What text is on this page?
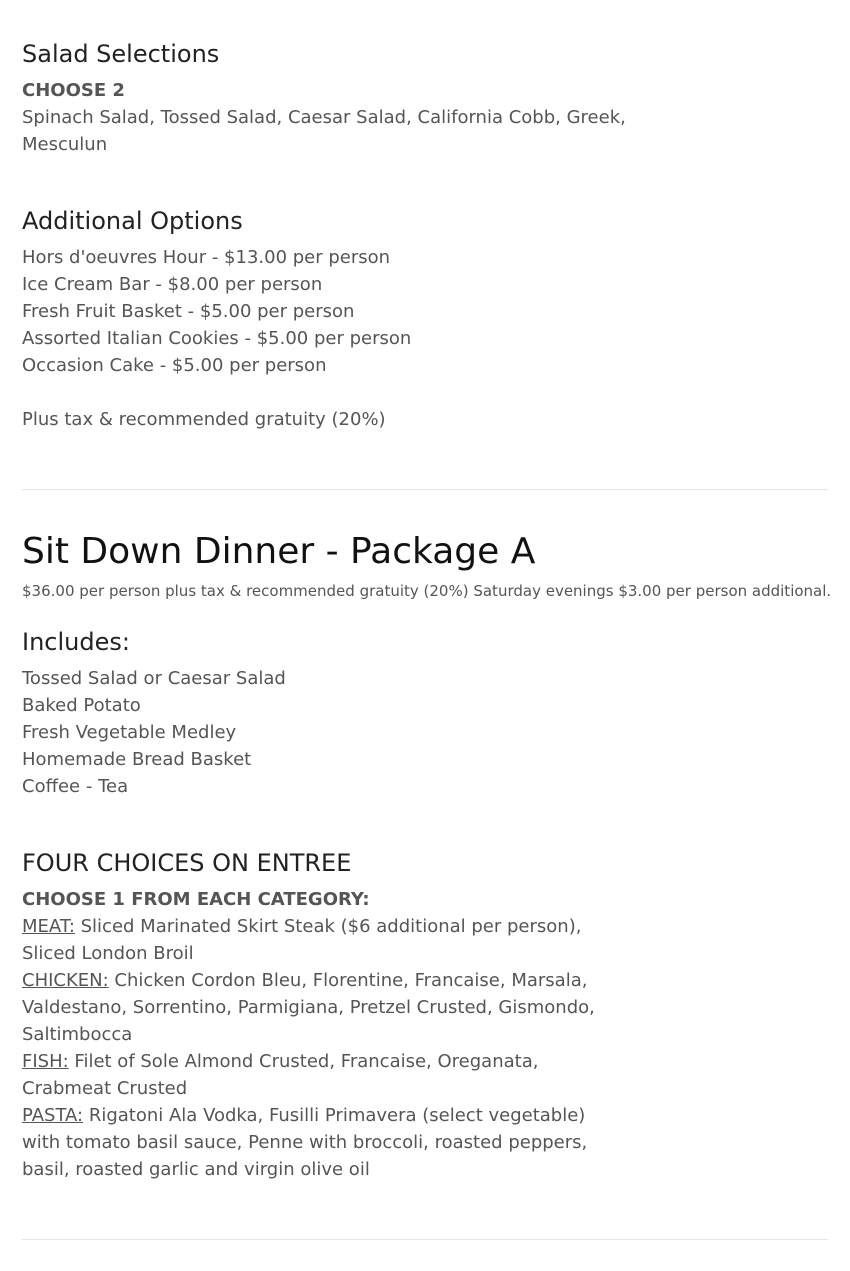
Salad Selections

CHOOSE 2

Spinach Salad, Tossed Salad, Caesar Salad, California Cobb, Greek,

Mesculun

Additional Options

Hors d'oeuvres Hour - $13.00 per person

Ice Cream Bar - $8.00 per person

Fresh Fruit Basket - $5.00 per person

Assorted Italian Cookies - $5.00 per person

Occasion Cake - $5.00 per person

Plus tax & recommended gratuity (20%)

Sit Down Dinner - Package A

$36.00 per person plus tax & recommended gratuity (20%) Saturday evenings $3.00 per person additional.

Includes:

Tossed Salad or Caesar Salad

Baked Potato

Fresh Vegetable Medley

Homemade Bread Basket

Coffee - Tea

FOUR CHOICES ON ENTREE

CHOOSE 1 FROM EACH CATEGORY:

MEAT: Sliced Marinated Skirt Steak ($6 additional per person), Sliced London Broil

CHICKEN: Chicken Cordon Bleu, Florentine, Francaise, Marsala, Valdestano, Sorrentino, Parmigiana, Pretzel Crusted, Gismondo, Saltimbocca

FISH: Filet of Sole Almond Crusted, Francaise, Oreganata, Crabmeat Crusted

PASTA: Rigatoni Ala Vodka, Fusilli Primavera (select vegetable) with tomato basil sauce, Penne with broccoli, roasted peppers, basil, roasted garlic and virgin olive oil
